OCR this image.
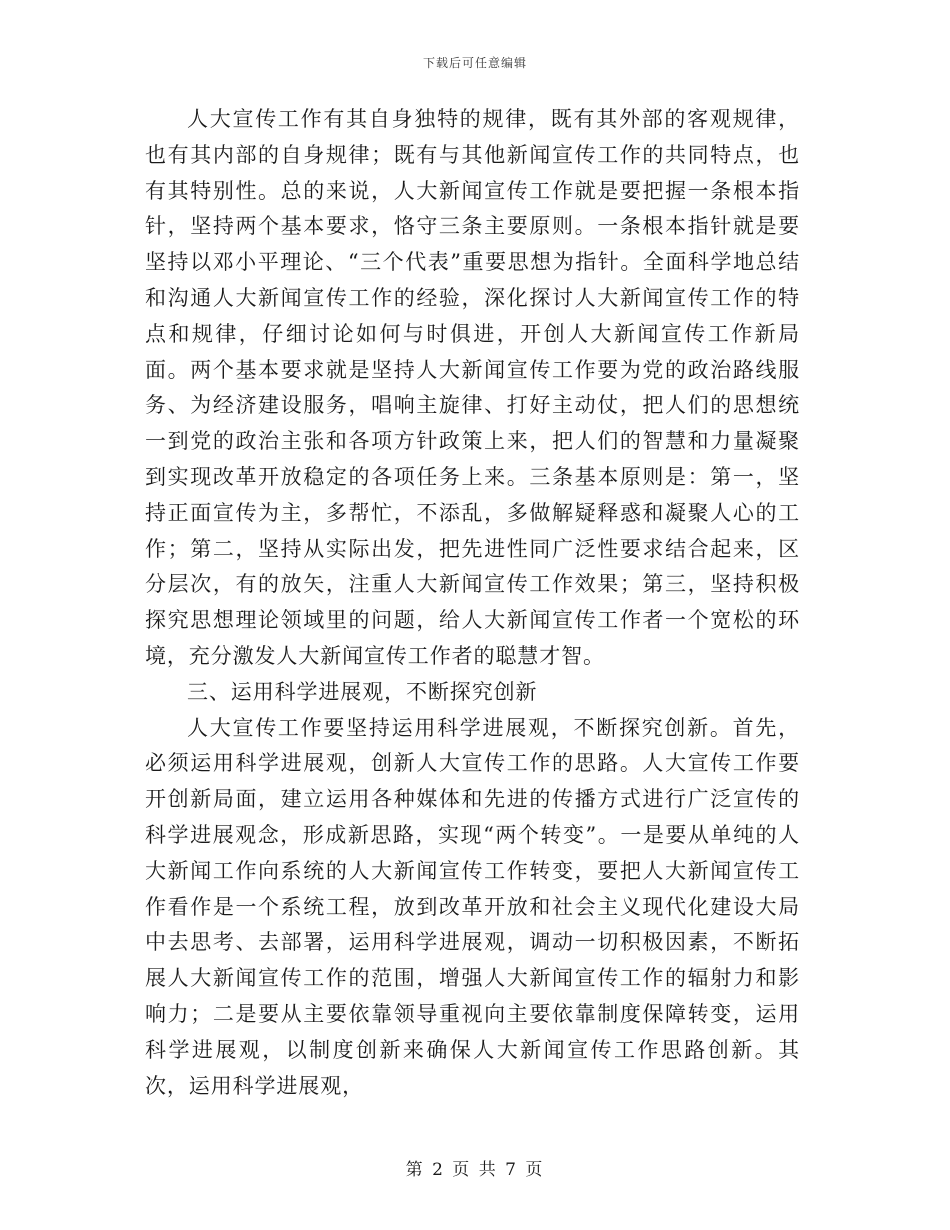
下载后可任意编辑

人大宣传工作有其自身独特的规律，既有其外部的客观规律，也有其内部的自身规律；既有与其他新闻宣传工作的共同特点，也有其特别性。总的来说，人大新闻宣传工作就是要把握一条根本指针，坚持两个基本要求，恪守三条主要原则。一条根本指针就是要坚持以邓小平理论、“三个代表”重要思想为指针。全面科学地总结和沟通人大新闻宣传工作的经验，深化探讨人大新闻宣传工作的特点和规律，仔细讨论如何与时俱进，开创人大新闻宣传工作新局面。两个基本要求就是坚持人大新闻宣传工作要为党的政治路线服务、为经济建设服务，唱响主旋律、打好主动仗，把人们的思想统一到党的政治主张和各项方针政策上来，把人们的智慧和力量凝聚到实现改革开放稳定的各项任务上来。三条基本原则是：第一，坚持正面宣传为主，多帮忙，不添乱，多做解疑释惑和凝聚人心的工作；第二，坚持从实际出发，把先进性同广泛性要求结合起来，区分层次，有的放矢，注重人大新闻宣传工作效果；第三，坚持积极探究思想理论领域里的问题，给人大新闻宣传工作者一个宽松的环境，充分激发人大新闻宣传工作者的聪慧才智。

三、运用科学进展观，不断探究创新

人大宣传工作要坚持运用科学进展观，不断探究创新。首先，必须运用科学进展观，创新人大宣传工作的思路。人大宣传工作要开创新局面，建立运用各种媒体和先进的传播方式进行广泛宣传的科学进展观念，形成新思路，实现“两个转变”。一是要从单纯的人大新闻工作向系统的人大新闻宣传工作转变，要把人大新闻宣传工作看作是一个系统工程，放到改革开放和社会主义现代化建设大局中去思考、去部署，运用科学进展观，调动一切积极因素，不断拓展人大新闻宣传工作的范围，增强人大新闻宣传工作的辐射力和影响力；二是要从主要依靠领导重视向主要依靠制度保障转变，运用科学进展观，以制度创新来确保人大新闻宣传工作思路创新。其次，运用科学进展观，

第 2 页 共 7 页
